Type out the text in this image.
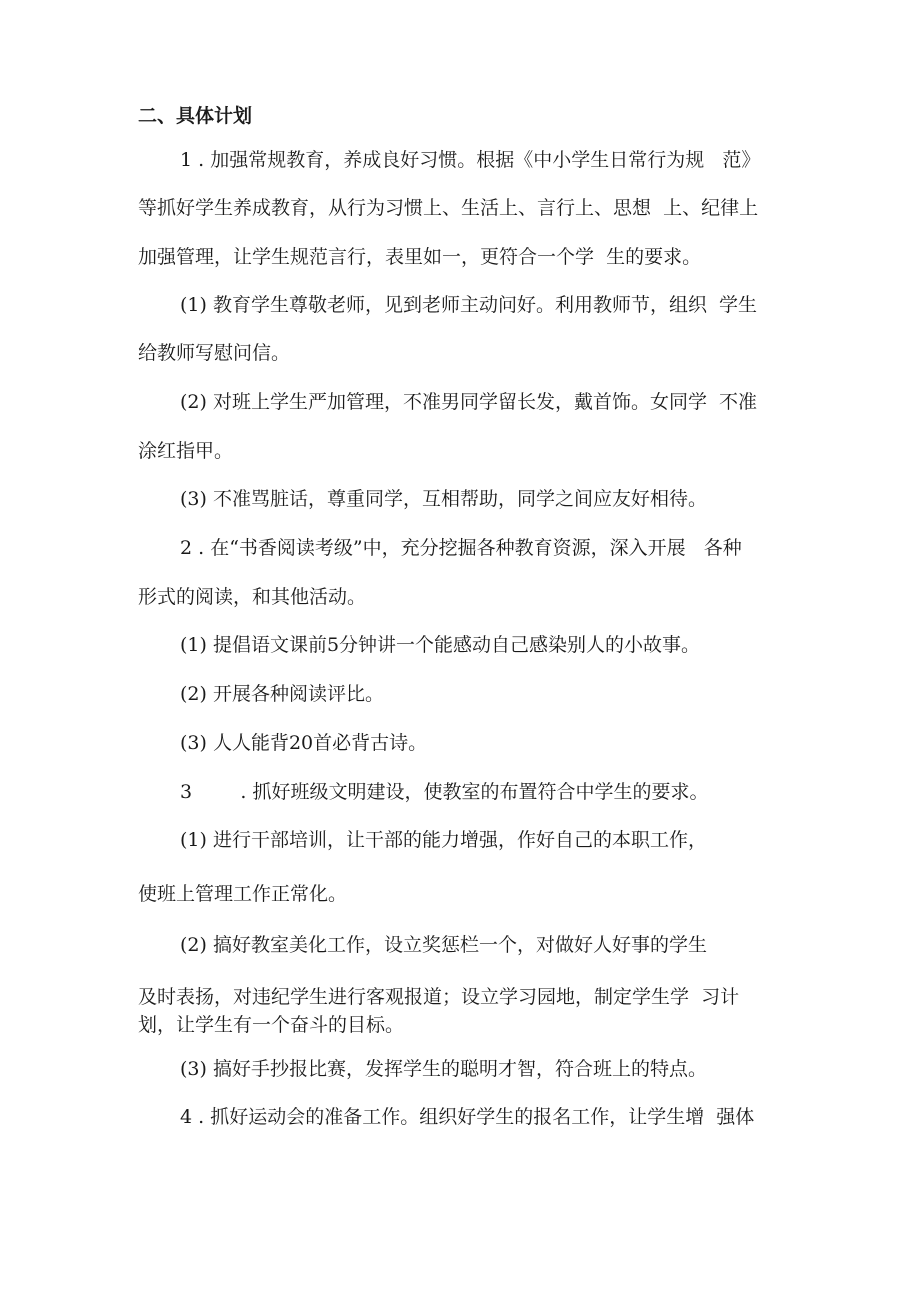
二、具体计划

1 . 加强常规教育，养成良好习惯。根据《中小学生日常行为规   范》

等抓好学生养成教育，从行为习惯上、生活上、言行上、思想  上、纪律上

加强管理，让学生规范言行，表里如一，更符合一个学  生的要求。

(1) 教育学生尊敬老师，见到老师主动问好。利用教师节，组织  学生

给教师写慰问信。

(2) 对班上学生严加管理，不准男同学留长发，戴首饰。女同学  不准

涂红指甲。

(3) 不准骂脏话，尊重同学，互相帮助，同学之间应友好相待。

2 . 在“书香阅读考级”中，充分挖掘各种教育资源，深入开展   各种

形式的阅读，和其他活动。

(1) 提倡语文课前5分钟讲一个能感动自己感染别人的小故事。

(2) 开展各种阅读评比。

(3) 人人能背20首必背古诗。

3        . 抓好班级文明建设，使教室的布置符合中学生的要求。

(1) 进行干部培训，让干部的能力增强，作好自己的本职工作，

使班上管理工作正常化。

(2) 搞好教室美化工作，设立奖惩栏一个，对做好人好事的学生

及时表扬，对违纪学生进行客观报道；设立学习园地，制定学生学  习计

划，让学生有一个奋斗的目标。

(3) 搞好手抄报比赛，发挥学生的聪明才智，符合班上的特点。

4 . 抓好运动会的准备工作。组织好学生的报名工作，让学生增  强体
